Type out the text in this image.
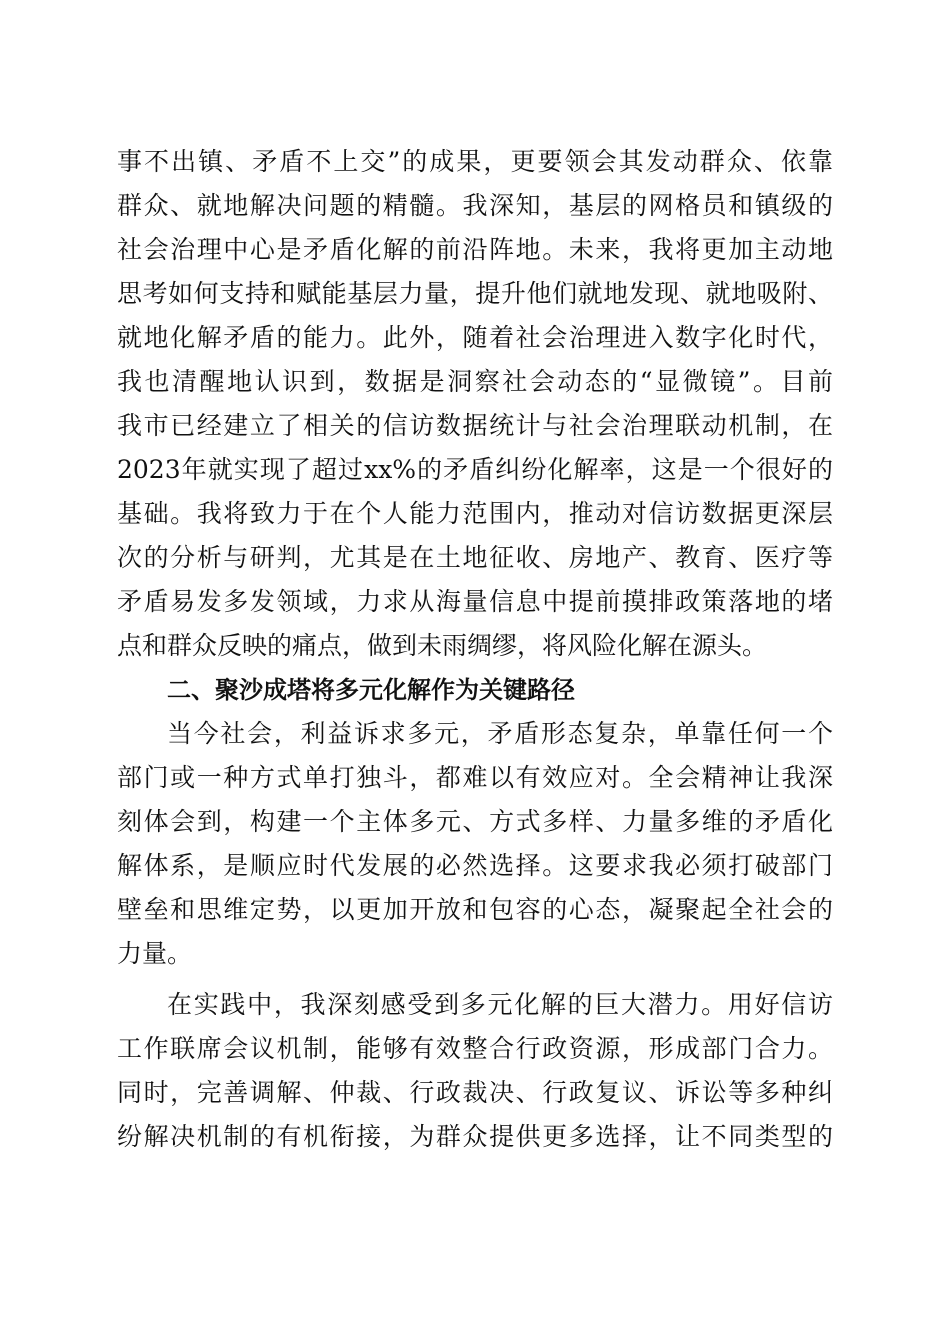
事不出镇、矛盾不上交”的成果，更要领会其发动群众、依靠
群众、就地解决问题的精髓。我深知，基层的网格员和镇级的
社会治理中心是矛盾化解的前沿阵地。未来，我将更加主动地
思考如何支持和赋能基层力量，提升他们就地发现、就地吸附、
就地化解矛盾的能力。此外，随着社会治理进入数字化时代，
我也清醒地认识到，数据是洞察社会动态的“显微镜”。目前
我市已经建立了相关的信访数据统计与社会治理联动机制，在
2023年就实现了超过xx%的矛盾纠纷化解率，这是一个很好的
基础。我将致力于在个人能力范围内，推动对信访数据更深层
次的分析与研判，尤其是在土地征收、房地产、教育、医疗等
矛盾易发多发领域，力求从海量信息中提前摸排政策落地的堵
点和群众反映的痛点，做到未雨绸缪，将风险化解在源头。
二、聚沙成塔将多元化解作为关键路径
当今社会，利益诉求多元，矛盾形态复杂，单靠任何一个
部门或一种方式单打独斗，都难以有效应对。全会精神让我深
刻体会到，构建一个主体多元、方式多样、力量多维的矛盾化
解体系，是顺应时代发展的必然选择。这要求我必须打破部门
壁垒和思维定势，以更加开放和包容的心态，凝聚起全社会的
力量。
在实践中，我深刻感受到多元化解的巨大潜力。用好信访
工作联席会议机制，能够有效整合行政资源，形成部门合力。
同时，完善调解、仲裁、行政裁决、行政复议、诉讼等多种纠
纷解决机制的有机衔接，为群众提供更多选择，让不同类型的
